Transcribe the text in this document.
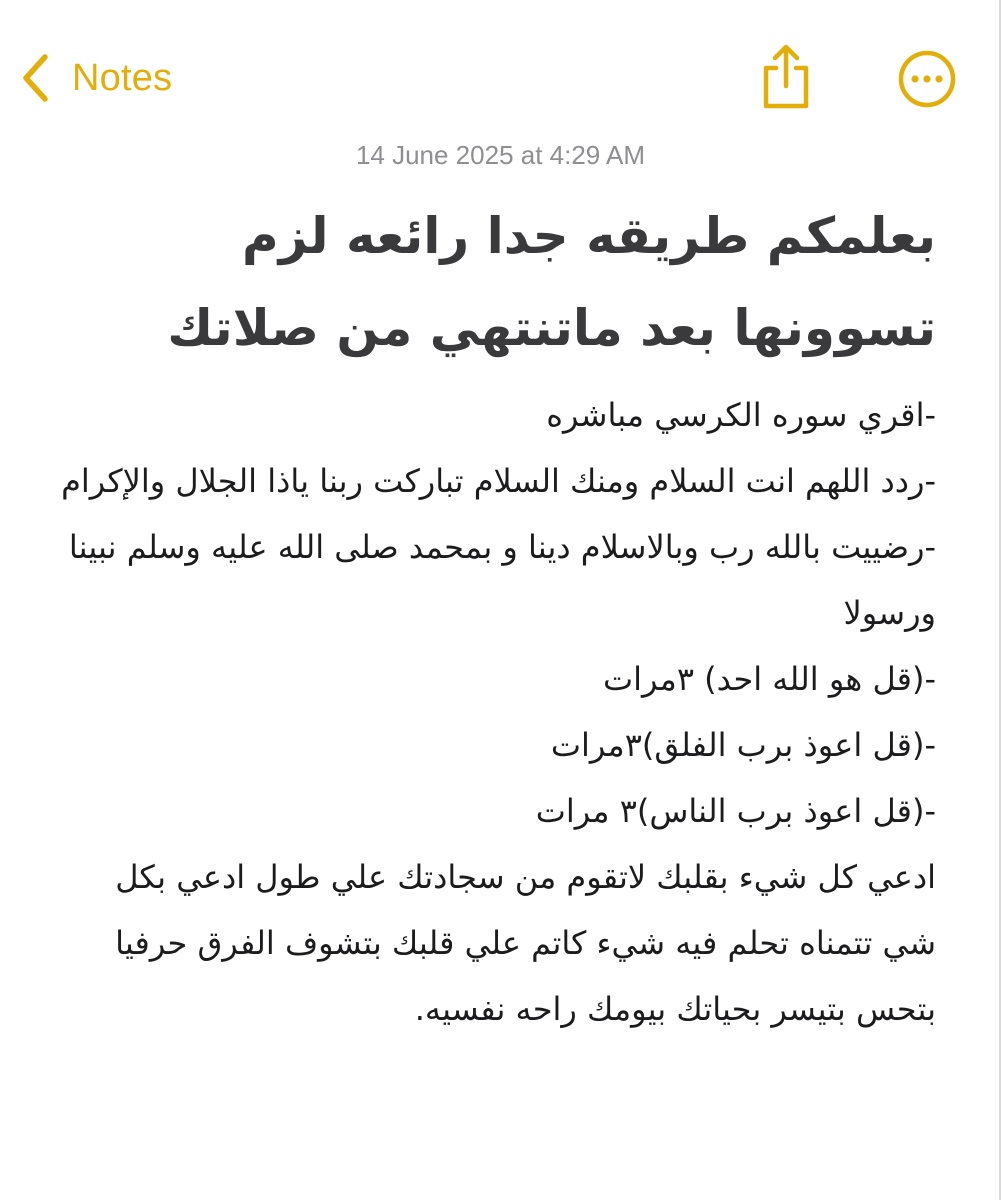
Notes
14 June 2025 at 4:29 AM
بعلمكم طريقه جدا رائعه لزم تسوونها بعد ماتنتهي من صلاتك
-اقري سوره الكرسي مباشره
-ردد اللهم انت السلام ومنك السلام تباركت ربنا ياذا الجلال والإكرام
-رضييت بالله رب وبالاسلام دينا و بمحمد صلى الله عليه وسلم نبينا ورسولا
-(قل هو الله احد) ٣مرات
-(قل اعوذ برب الفلق)٣مرات
-(قل اعوذ برب الناس)٣ مرات
ادعي كل شيء بقلبك لاتقوم من سجادتك علي طول ادعي بكل شي تتمناه تحلم فيه شيء كاتم علي قلبك بتشوف الفرق حرفيا بتحس بتيسر بحياتك بيومك راحه نفسيه.
